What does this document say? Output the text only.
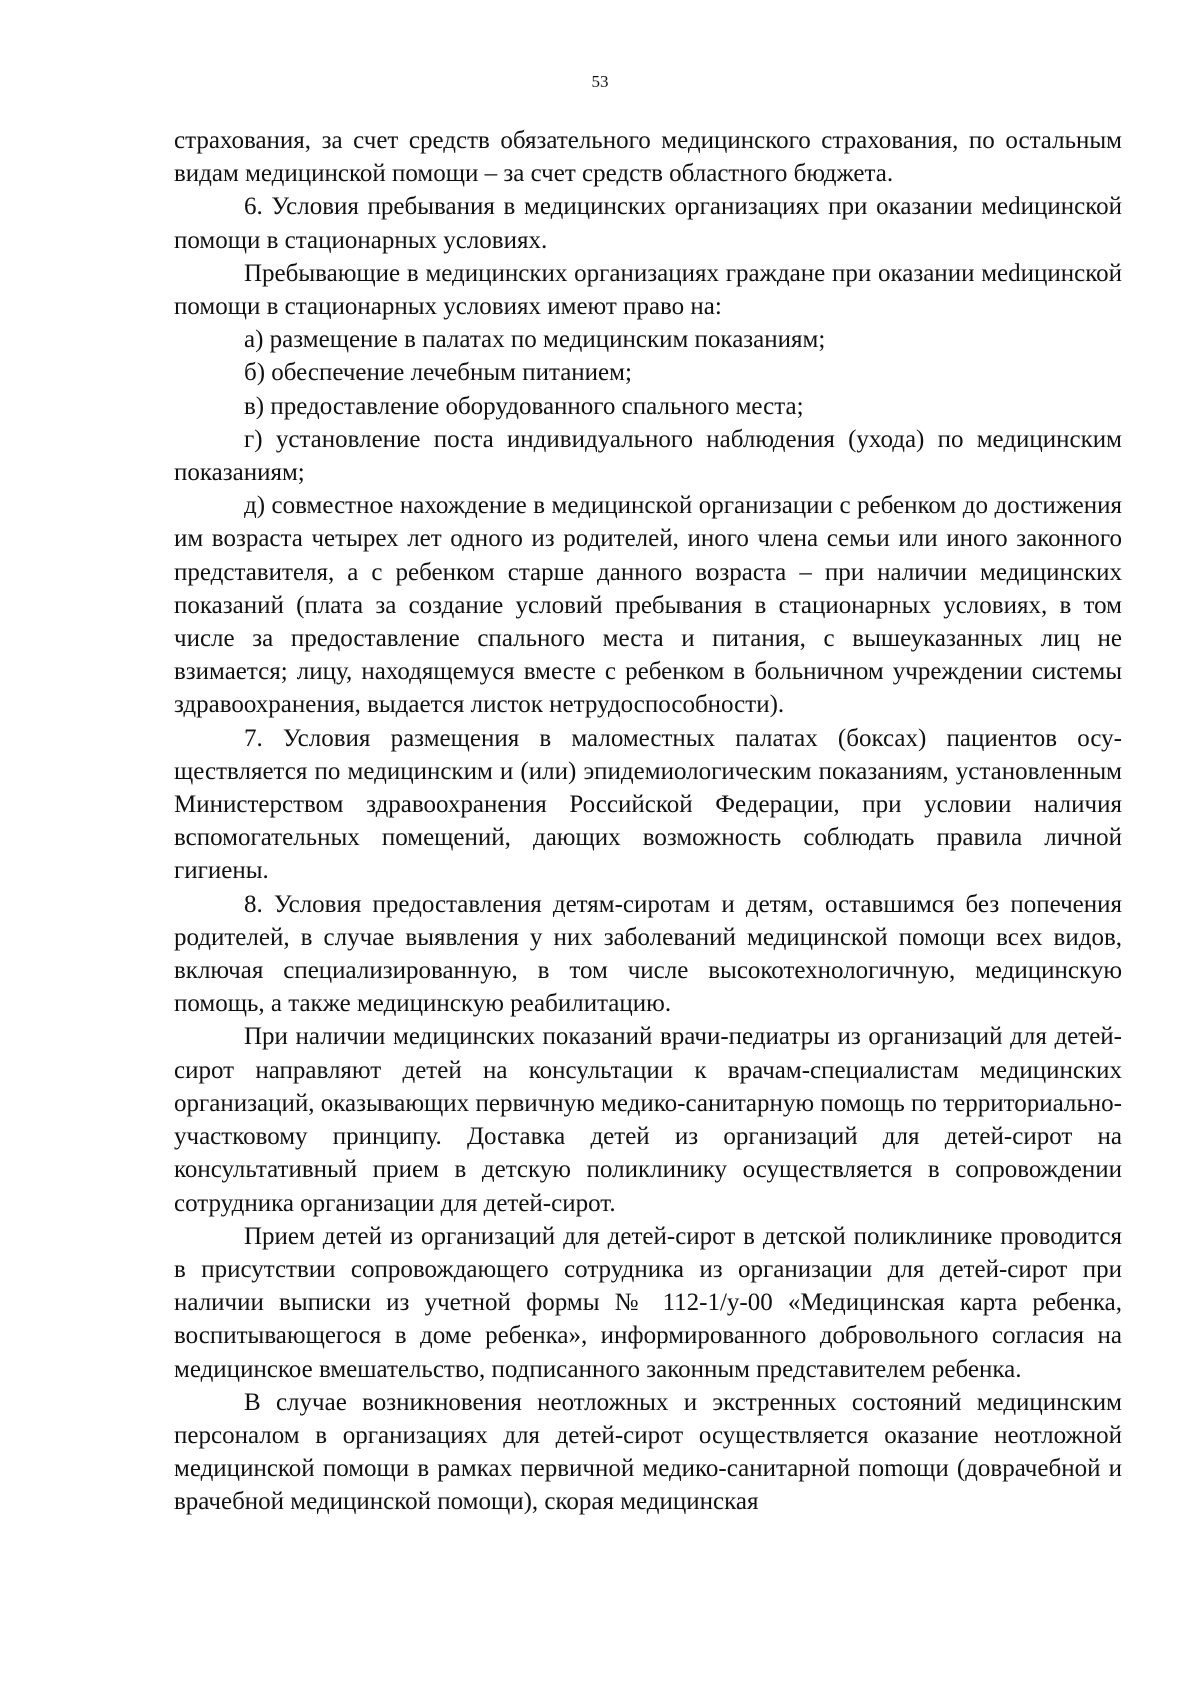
53

страхования, за счет средств обязательного медицинского страхования, по остальным видам медицинской помощи – за счет средств областного бюджета.

6. Условия пребывания в медицинских организациях при оказании меdицинской помощи в стационарных условиях.

Пребывающие в медицинских организациях граждане при оказании меdицинской помощи в стационарных условиях имеют право на:

а) размещение в палатах по медицинским показаниям;

б) обеспечение лечебным питанием;

в) предоставление оборудованного спального места;

г) установление поста индивидуального наблюдения (ухода) по медицинским показаниям;

д) совместное нахождение в медицинской организации с ребенком до достижения им возраста четырех лет одного из родителей, иного члена семьи или иного законного представителя, а с ребенком старше данного возраста – при наличии медицинских показаний (плата за создание условий пребывания в стационарных условиях, в том числе за предоставление спального места и питания, с вышеуказанных лиц не взимается; лицу, находящемуся вместе с ребенком в больничном учреждении системы здравоохранения, выдается листок нетрудоспособности).

7. Условия размещения в маломестных палатах (боксах) пациентов осуществляется по медицинским и (или) эпидемиологическим показаниям, установленным Министерством здравоохранения Российской Федерации, при условии наличия вспомогательных помещений, дающих возможность соблюдать правила личной гигиены.

8. Условия предоставления детям-сиротам и детям, оставшимся без попечения родителей, в случае выявления у них заболеваний медицинской помощи всех видов, включая специализированную, в том числе высокотехнологичную, медицинскую помощь, а также медицинскую реабилитацию.

При наличии медицинских показаний врачи-педиатры из организаций для детей-сирот направляют детей на консультации к врачам-специалистам медицинских организаций, оказывающих первичную медико-санитарную помощь по территориально-участковому принципу. Доставка детей из организаций для детей-сирот на консультативный прием в детскую поликлинику осуществляется в сопровождении сотрудника организации для детей-сирот.

Прием детей из организаций для детей-сирот в детской поликлинике проводится в присутствии сопровождающего сотрудника из организации для детей-сирот при наличии выписки из учетной формы № 112-1/у-00 «Медицинская карта ребенка, воспитывающегося в доме ребенка», информированного добровольного согласия на медицинское вмешательство, подписанного законным представителем ребенка.

В случае возникновения неотложных и экстренных состояний медицинским персоналом в организациях для детей-сирот осуществляется оказание неотложной медицинской помощи в рамках первичной медико-санитарной поmощи (доврачебной и врачебной медицинской помощи), скорая медицинская
